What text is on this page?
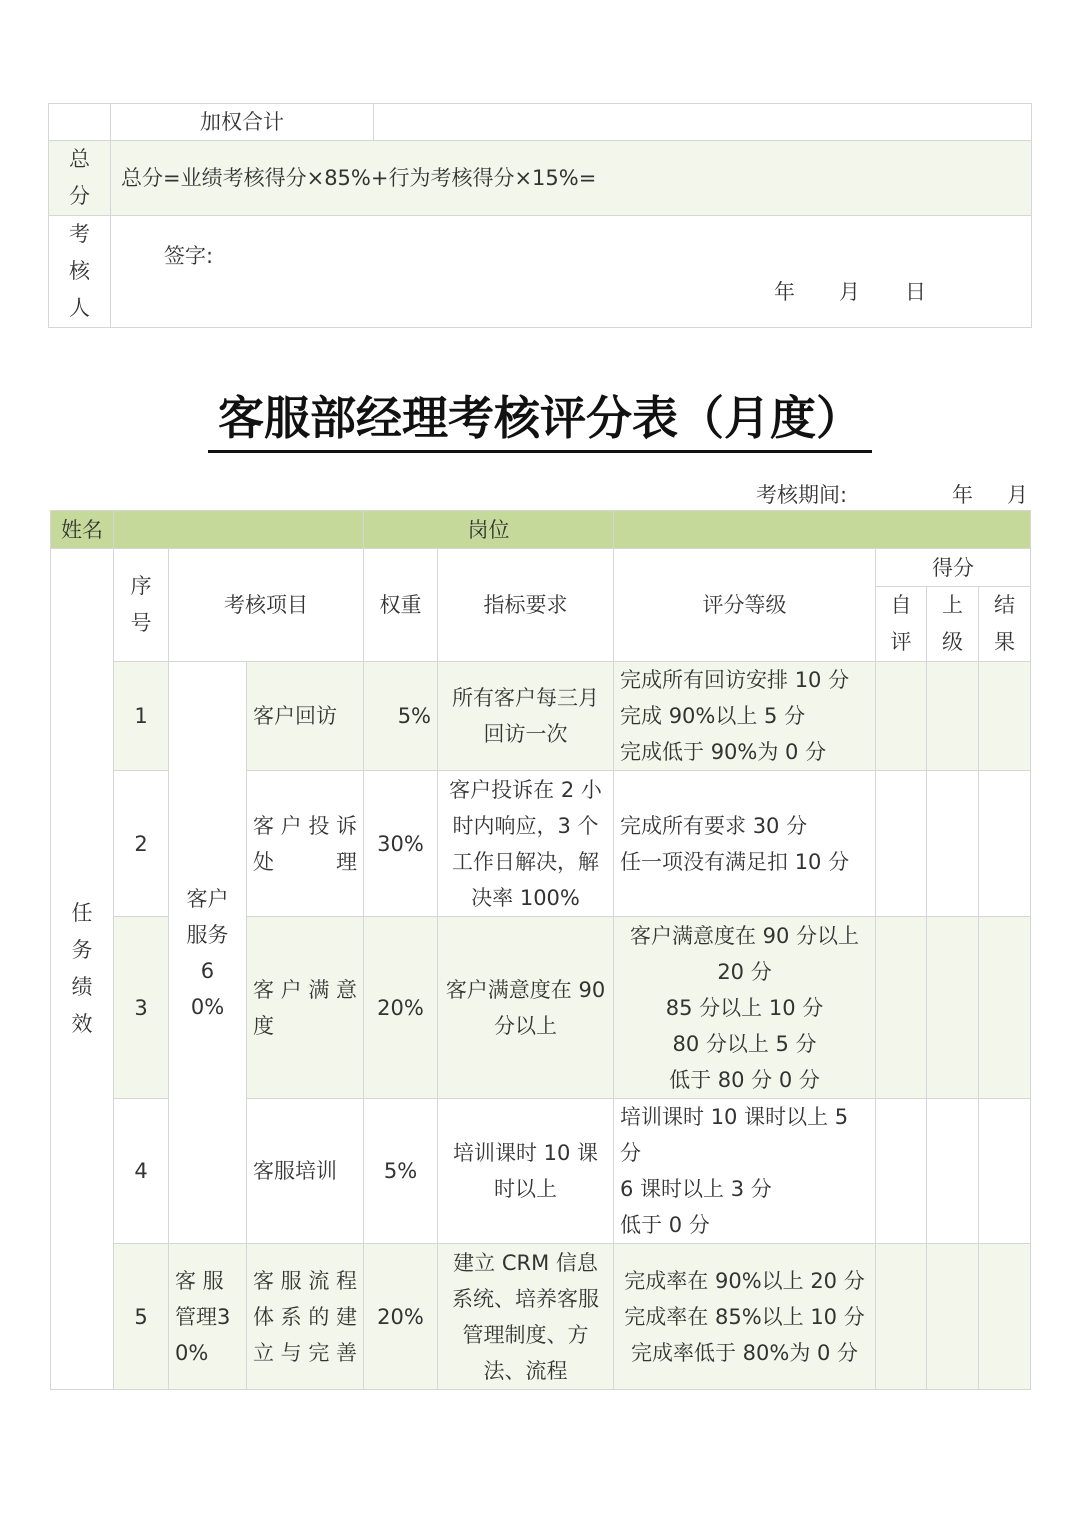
	加权合计	

总分	总分=业绩考核得分×85%+行为考核得分×15%=	

考核人	签字:
年 月 日	
客服部经理考核评分表（月度）
考核期间:	年 月
姓名				岗位					

任务绩效	序号	考核项目		权重	指标要求	评分等级	得分		

							自评	上级	结果

	1	客户服务60%	客户回访	5%	所有客户每三月回访一次	完成所有回访安排 10 分
完成 90%以上 5 分
完成低于 90%为 0 分			

	2		客户投诉处理	30%	客户投诉在 2 小时内响应，3 个工作日解决，解决率 100%	完成所有要求 30 分
任一项没有满足扣 10 分			

	3		客户满意度	20%	客户满意度在 90 分以上	客户满意度在 90 分以上 20 分
85 分以上 10 分
80 分以上 5 分
低于 80 分 0 分			

	4		客服培训	5%	培训课时 10 课时以上	培训课时 10 课时以上 5 分
6 课时以上 3 分
低于 0 分			

	5	客 服管理30%	客服流程体系的建立与完善	20%	建立 CRM 信息系统、培养客服管理制度、方法、流程	完成率在 90%以上 20 分
完成率在 85%以上 10 分
完成率低于 80%为 0 分			
